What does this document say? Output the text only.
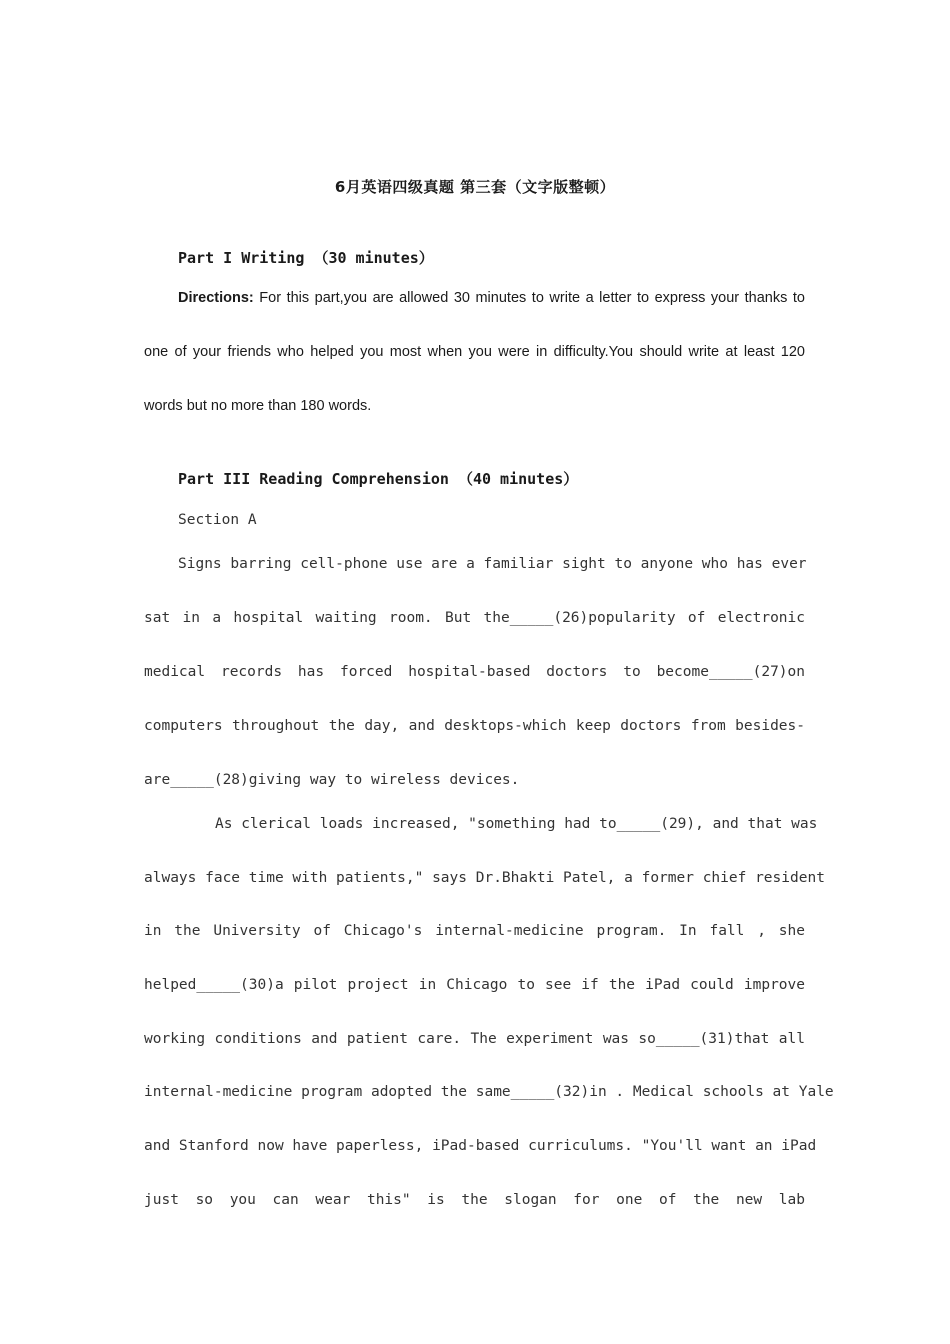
6月英语四级真题 第三套（文字版整顿）
Part I Writing （30 minutes）
Directions: For this part,you are allowed 30 minutes to write a letter to express your thanks to one of your friends who helped you most when you were in difficulty.You should write at least 120 words but no more than 180 words.
Part III Reading Comprehension （40 minutes）
Section A
Signs barring cell-phone use are a familiar sight to anyone who has ever
sat in a hospital waiting room. But the_____(26)popularity of electronic
medical records has forced hospital-based doctors to become_____(27)on
computers throughout the day, and desktops-which keep doctors from besides-
are_____(28)giving way to wireless devices.
As clerical loads increased, "something had to_____(29), and that was
always face time with patients," says Dr.Bhakti Patel, a former chief resident
in the University of Chicago's internal-medicine program. In fall , she
helped_____(30)a pilot project in Chicago to see if the iPad could improve
working conditions and patient care. The experiment was so_____(31)that all
internal-medicine program adopted the same_____(32)in . Medical schools at Yale
and Stanford now have paperless, iPad-based curriculums. "You'll want an iPad
just so you can wear this" is the slogan for one of the new lab
